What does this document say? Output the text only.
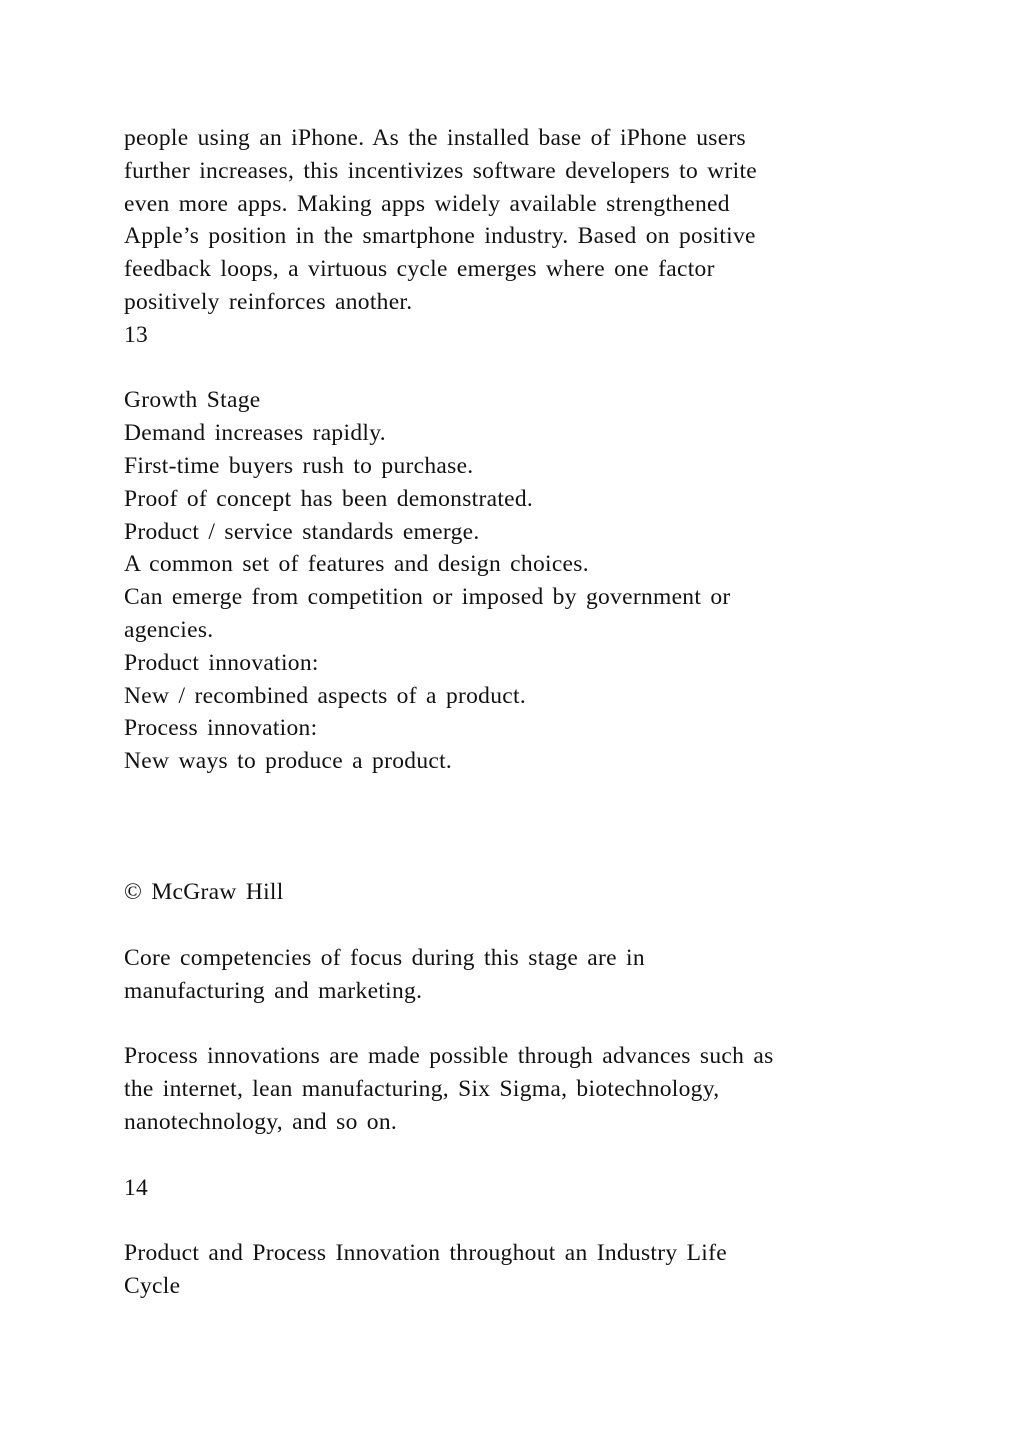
people using an iPhone. As the installed base of iPhone users
further increases, this incentivizes software developers to write
even more apps. Making apps widely available strengthened
Apple’s position in the smartphone industry. Based on positive
feedback loops, a virtuous cycle emerges where one factor
positively reinforces another.
13
Growth Stage
Demand increases rapidly.
First-time buyers rush to purchase.
Proof of concept has been demonstrated.
Product / service standards emerge.
A common set of features and design choices.
Can emerge from competition or imposed by government or
agencies.
Product innovation:
New / recombined aspects of a product.
Process innovation:
New ways to produce a product.
© McGraw Hill
Core competencies of focus during this stage are in
manufacturing and marketing.
Process innovations are made possible through advances such as
the internet, lean manufacturing, Six Sigma, biotechnology,
nanotechnology, and so on.
14
Product and Process Innovation throughout an Industry Life
Cycle
